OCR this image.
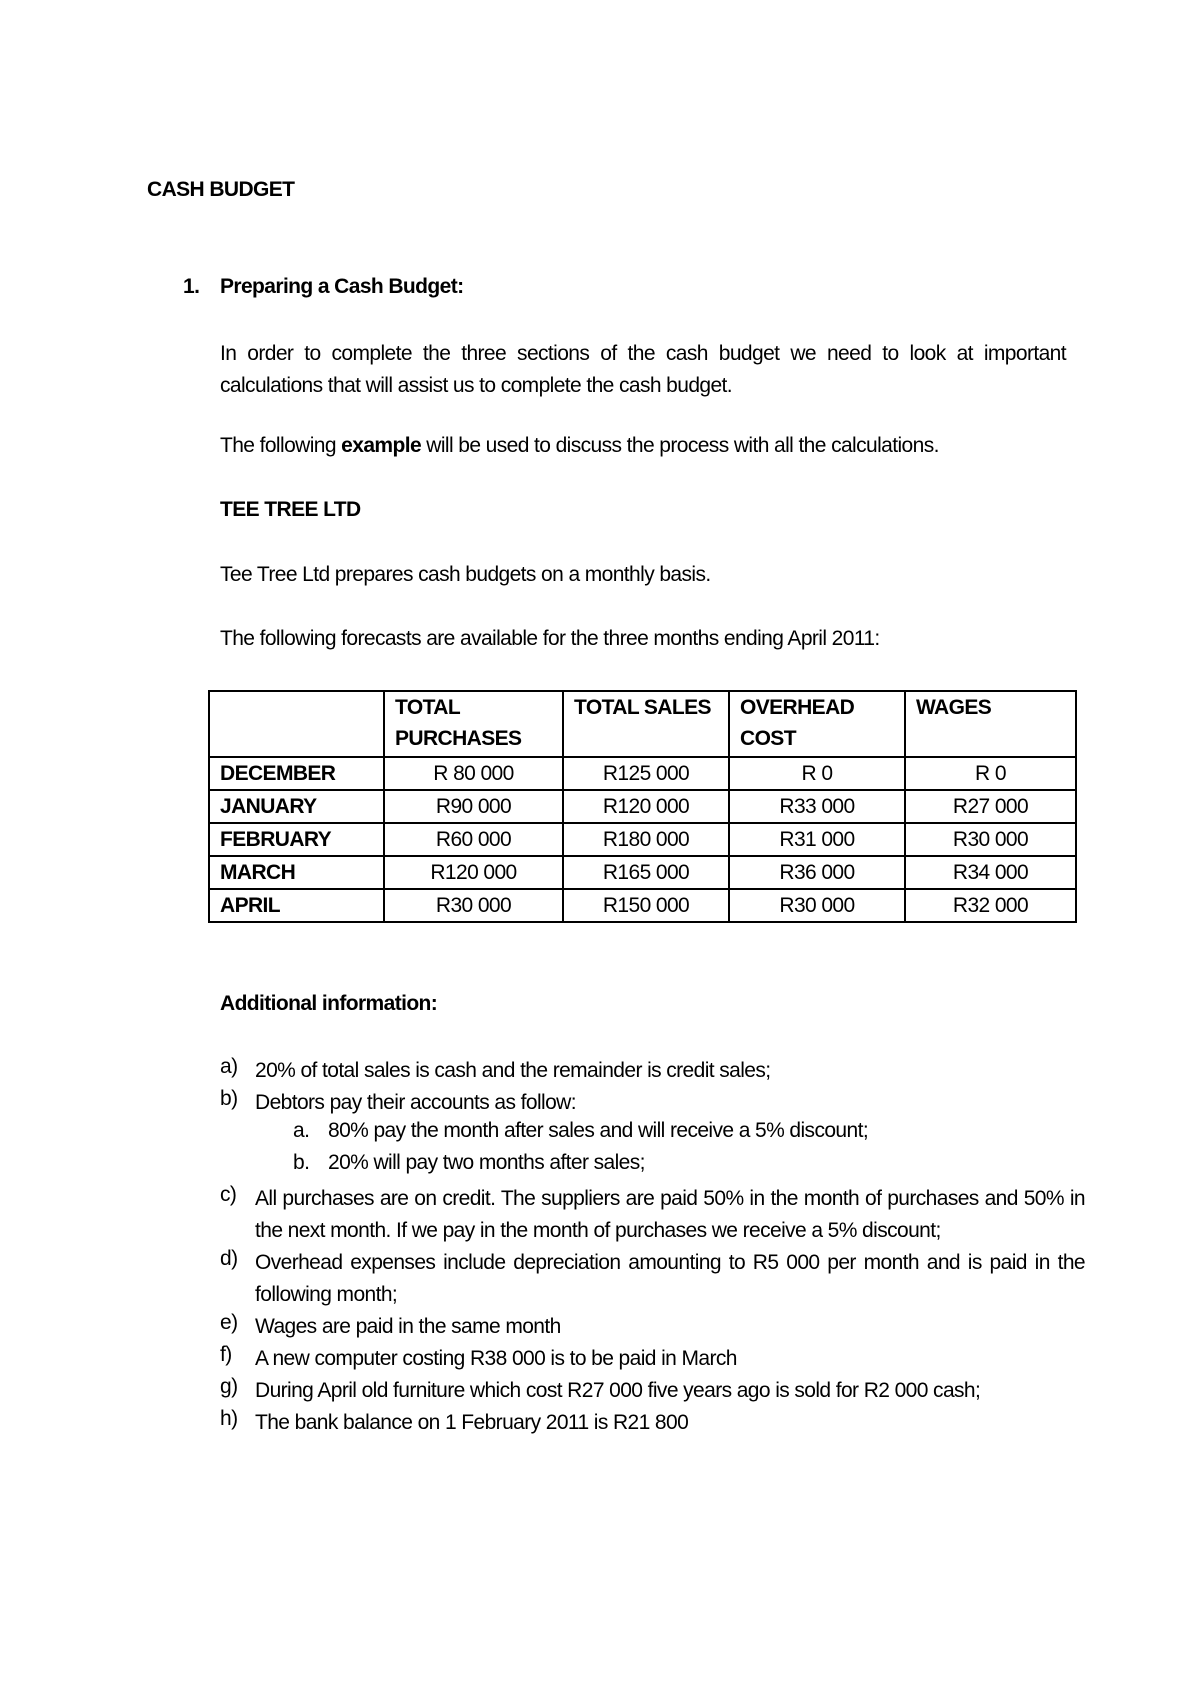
CASH BUDGET
1. Preparing a Cash Budget:
In order to complete the three sections of the cash budget we need to look at important calculations that will assist us to complete the cash budget.
The following example will be used to discuss the process with all the calculations.
TEE TREE LTD
Tee Tree Ltd prepares cash budgets on a monthly basis.
The following forecasts are available for the three months ending April 2011:
	TOTAL PURCHASES	TOTAL SALES	OVERHEAD COST	WAGES
DECEMBER	R 80 000	R125 000	R 0	R 0
JANUARY	R90 000	R120 000	R33 000	R27 000
FEBRUARY	R60 000	R180 000	R31 000	R30 000
MARCH	R120 000	R165 000	R36 000	R34 000
APRIL	R30 000	R150 000	R30 000	R32 000
Additional information:
a) 20% of total sales is cash and the remainder is credit sales;
b) Debtors pay their accounts as follow:
a. 80% pay the month after sales and will receive a 5% discount;
b. 20% will pay two months after sales;
c) All purchases are on credit. The suppliers are paid 50% in the month of purchases and 50% in the next month. If we pay in the month of purchases we receive a 5% discount;
d) Overhead expenses include depreciation amounting to R5 000 per month and is paid in the following month;
e) Wages are paid in the same month
f) A new computer costing R38 000 is to be paid in March
g) During April old furniture which cost R27 000 five years ago is sold for R2 000 cash;
h) The bank balance on 1 February 2011 is R21 800
